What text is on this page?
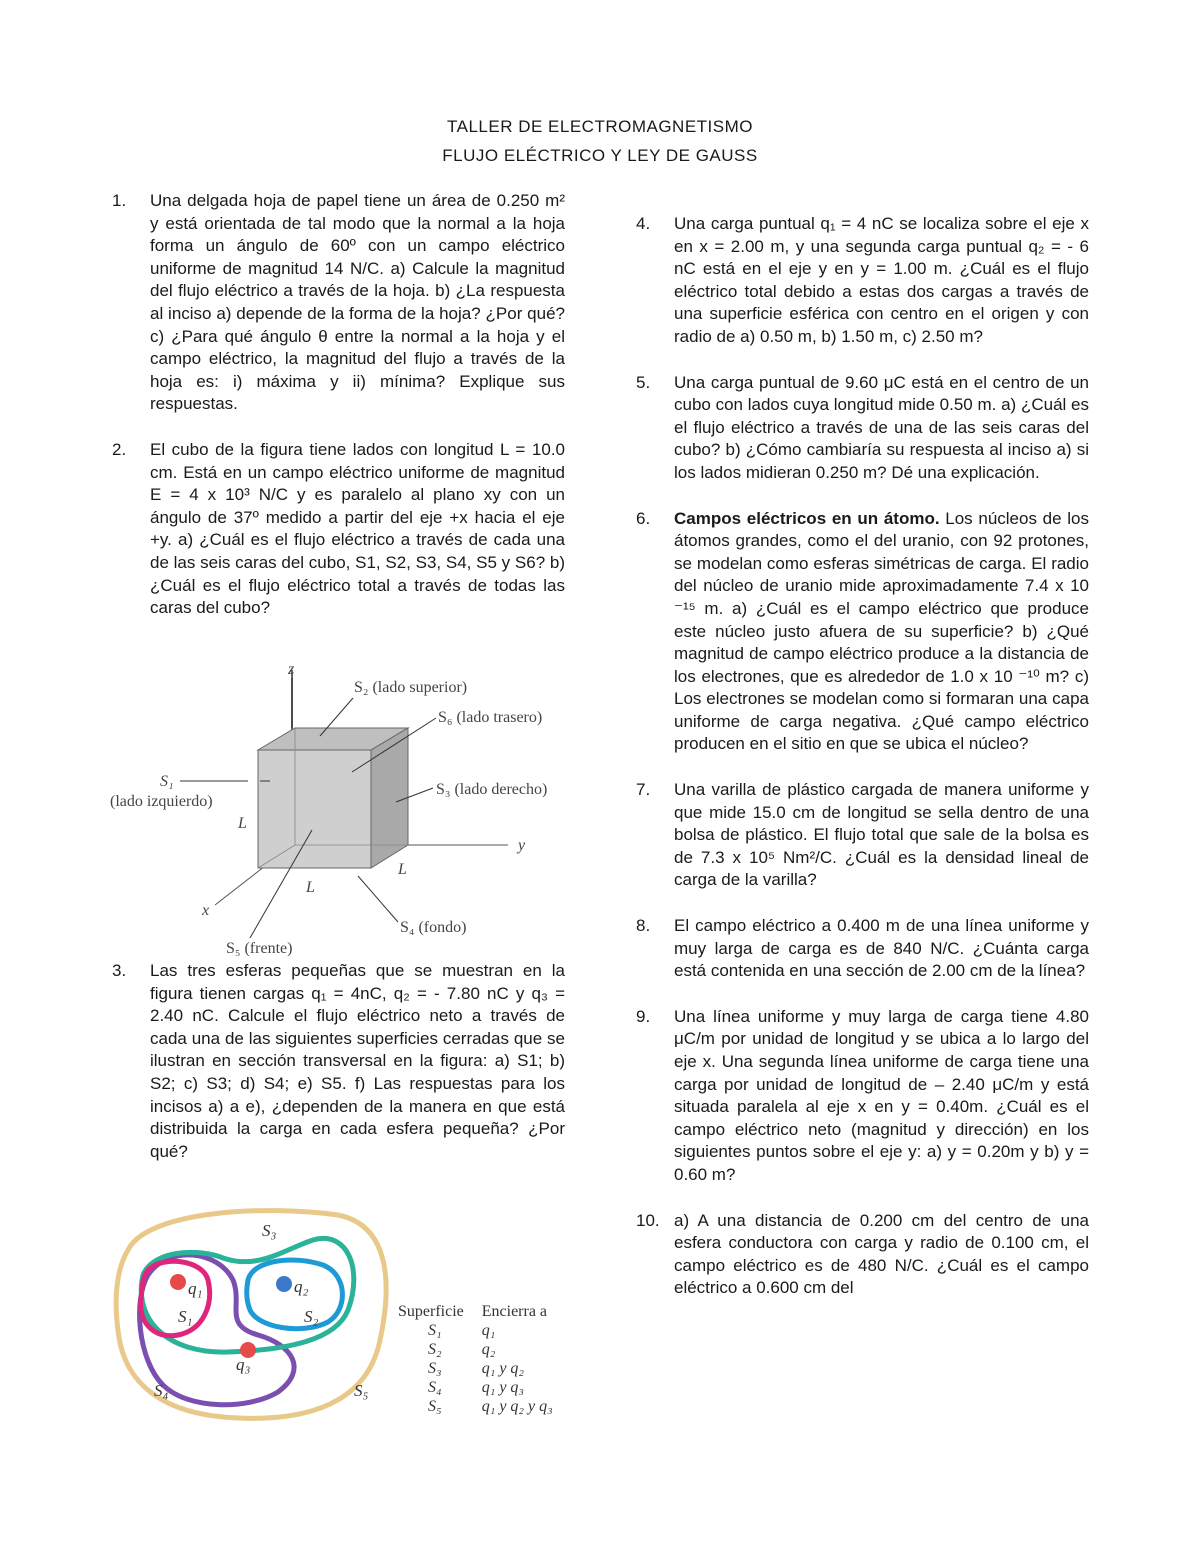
TALLER DE ELECTROMAGNETISMO
FLUJO ELÉCTRICO Y LEY DE GAUSS
1. Una delgada hoja de papel tiene un área de 0.250 m² y está orientada de tal modo que la normal a la hoja forma un ángulo de 60º con un campo eléctrico uniforme de magnitud 14 N/C. a) Calcule la magnitud del flujo eléctrico a través de la hoja. b) ¿La respuesta al inciso a) depende de la forma de la hoja? ¿Por qué? c) ¿Para qué ángulo θ entre la normal a la hoja y el campo eléctrico, la magnitud del flujo a través de la hoja es: i) máxima y ii) mínima? Explique sus respuestas.

2. El cubo de la figura tiene lados con longitud L = 10.0 cm. Está en un campo eléctrico uniforme de magnitud E = 4 x 10³ N/C y es paralelo al plano xy con un ángulo de 37º medido a partir del eje +x hacia el eje +y. a) ¿Cuál es el flujo eléctrico a través de cada una de las seis caras del cubo, S1, S2, S3, S4, S5 y S6? b) ¿Cuál es el flujo eléctrico total a través de todas las caras del cubo?

z
y
x
L
L
L
S₁
(lado izquierdo)
S₂ (lado superior)
S₆ (lado trasero)
S₃ (lado derecho)
S₄ (fondo)
S₅ (frente)
3. Las tres esferas pequeñas que se muestran en la figura tienen cargas q₁ = 4nC, q₂ = - 7.80 nC y q₃ = 2.40 nC. Calcule el flujo eléctrico neto a través de cada una de las siguientes superficies cerradas que se ilustran en sección transversal en la figura: a) S1; b) S2; c) S3; d) S4; e) S5. f) Las respuestas para los incisos a) a e), ¿dependen de la manera en que está distribuida la carga en cada esfera pequeña? ¿Por qué?

q₁	q₂
q₃
S₁	S₂
S₃
S₄	S₅
Superficie	Encierra a
S₁	q₁
S₂	q₂
S₃	q₁ y q₂
S₄	q₁ y q₃
S₅	q₁ y q₂ y q₃
4. Una carga puntual q₁ = 4 nC se localiza sobre el eje x en x = 2.00 m, y una segunda carga puntual q₂ = - 6 nC está en el eje y en y = 1.00 m. ¿Cuál es el flujo eléctrico total debido a estas dos cargas a través de una superficie esférica con centro en el origen y con radio de a) 0.50 m, b) 1.50 m, c) 2.50 m?

5. Una carga puntual de 9.60 μC está en el centro de un cubo con lados cuya longitud mide 0.50 m. a) ¿Cuál es el flujo eléctrico a través de una de las seis caras del cubo? b) ¿Cómo cambiaría su respuesta al inciso a) si los lados midieran 0.250 m? Dé una explicación.

6. Campos eléctricos en un átomo. Los núcleos de los átomos grandes, como el del uranio, con 92 protones, se modelan como esferas simétricas de carga. El radio del núcleo de uranio mide aproximadamente 7.4 x 10 ⁻¹⁵ m. a) ¿Cuál es el campo eléctrico que produce este núcleo justo afuera de su superficie? b) ¿Qué magnitud de campo eléctrico produce a la distancia de los electrones, que es alrededor de 1.0 x 10 ⁻¹⁰ m? c) Los electrones se modelan como si formaran una capa uniforme de carga negativa. ¿Qué campo eléctrico producen en el sitio en que se ubica el núcleo?

7. Una varilla de plástico cargada de manera uniforme y que mide 15.0 cm de longitud se sella dentro de una bolsa de plástico. El flujo total que sale de la bolsa es de 7.3 x 10⁵ Nm²/C. ¿Cuál es la densidad lineal de carga de la varilla?

8. El campo eléctrico a 0.400 m de una línea uniforme y muy larga de carga es de 840 N/C. ¿Cuánta carga está contenida en una sección de 2.00 cm de la línea?

9. Una línea uniforme y muy larga de carga tiene 4.80 μC/m por unidad de longitud y se ubica a lo largo del eje x. Una segunda línea uniforme de carga tiene una carga por unidad de longitud de – 2.40 μC/m y está situada paralela al eje x en y = 0.40m. ¿Cuál es el campo eléctrico neto (magnitud y dirección) en los siguientes puntos sobre el eje y: a) y = 0.20m y b) y = 0.60 m?

10. a) A una distancia de 0.200 cm del centro de una esfera conductora con carga y radio de 0.100 cm, el campo eléctrico es de 480 N/C. ¿Cuál es el campo eléctrico a 0.600 cm del
